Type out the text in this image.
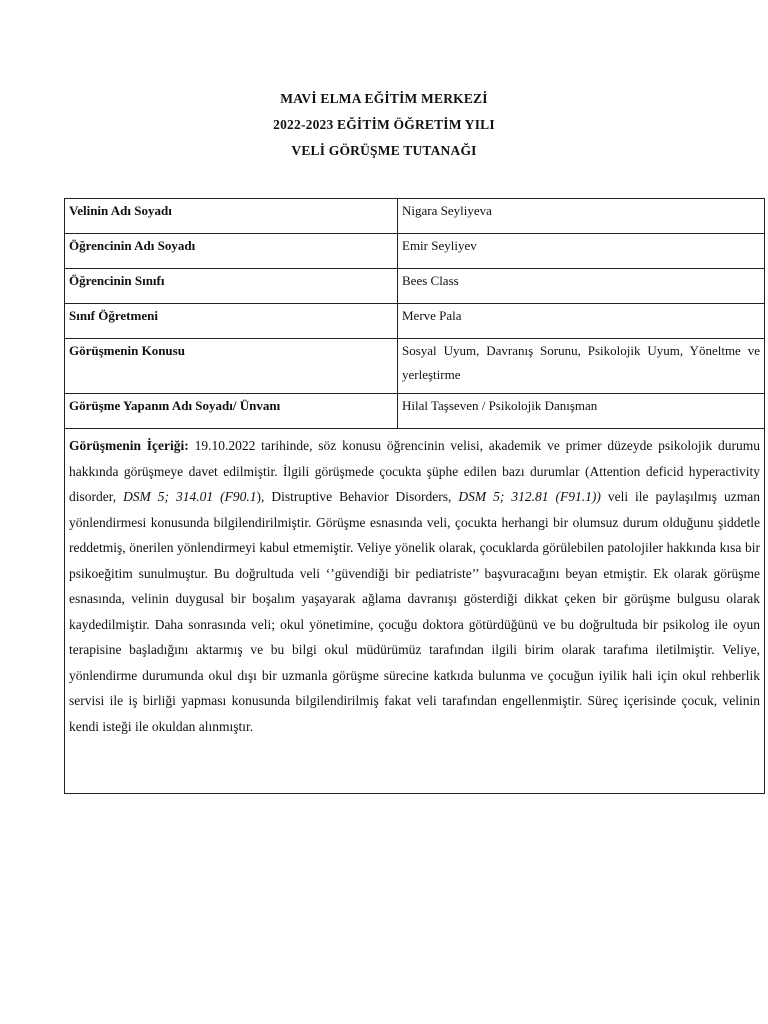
MAVİ ELMA EĞİTİM MERKEZİ
2022-2023 EĞİTİM ÖĞRETİM YILI
VELİ GÖRÜŞME TUTANAĞI
Velinin Adı Soyadı	Nigara Seyliyeva
Öğrencinin Adı Soyadı	Emir Seyliyev
Öğrencinin Sınıfı	Bees Class
Sınıf Öğretmeni	Merve Pala
Görüşmenin Konusu	Sosyal Uyum, Davranış Sorunu, Psikolojik Uyum, Yöneltme ve yerleştirme

Görüşme Yapanın Adı Soyadı/ Ünvanı	Hilal Taşseven / Psikolojik Danışman

Görüşmenin İçeriği: 19.10.2022 tarihinde, söz konusu öğrencinin velisi, akademik ve primer düzeyde psikolojik durumu hakkında görüşmeye davet edilmiştir. İlgili görüşmede çocukta şüphe edilen bazı durumlar (Attention deficid hyperactivity disorder, DSM 5; 314.01 (F90.1), Distruptive Behavior Disorders, DSM 5; 312.81 (F91.1)) veli ile paylaşılmış uzman yönlendirmesi konusunda bilgilendirilmiştir. Görüşme esnasında veli, çocukta herhangi bir olumsuz durum olduğunu şiddetle reddetmiş, önerilen yönlendirmeyi kabul etmemiştir. Veliye yönelik olarak, çocuklarda görülebilen patolojiler hakkında kısa bir psikoeğitim sunulmuştur. Bu doğrultuda veli ‘’güvendiği bir pediatriste’’ başvuracağını beyan etmiştir. Ek olarak görüşme esnasında, velinin duygusal bir boşalım yaşayarak ağlama davranışı gösterdiği dikkat çeken bir görüşme bulgusu olarak kaydedilmiştir. Daha sonrasında veli; okul yönetimine, çocuğu doktora götürdüğünü ve bu doğrultuda bir psikolog ile oyun terapisine başladığını aktarmış ve bu bilgi okul müdürümüz tarafından ilgili birim olarak tarafıma iletilmiştir. Veliye, yönlendirme durumunda okul dışı bir uzmanla görüşme sürecine katkıda bulunma ve çocuğun iyilik hali için okul rehberlik servisi ile iş birliği yapması konusunda bilgilendirilmiş fakat veli tarafından engellenmiştir. Süreç içerisinde çocuk, velinin kendi isteği ile okuldan alınmıştır.	
